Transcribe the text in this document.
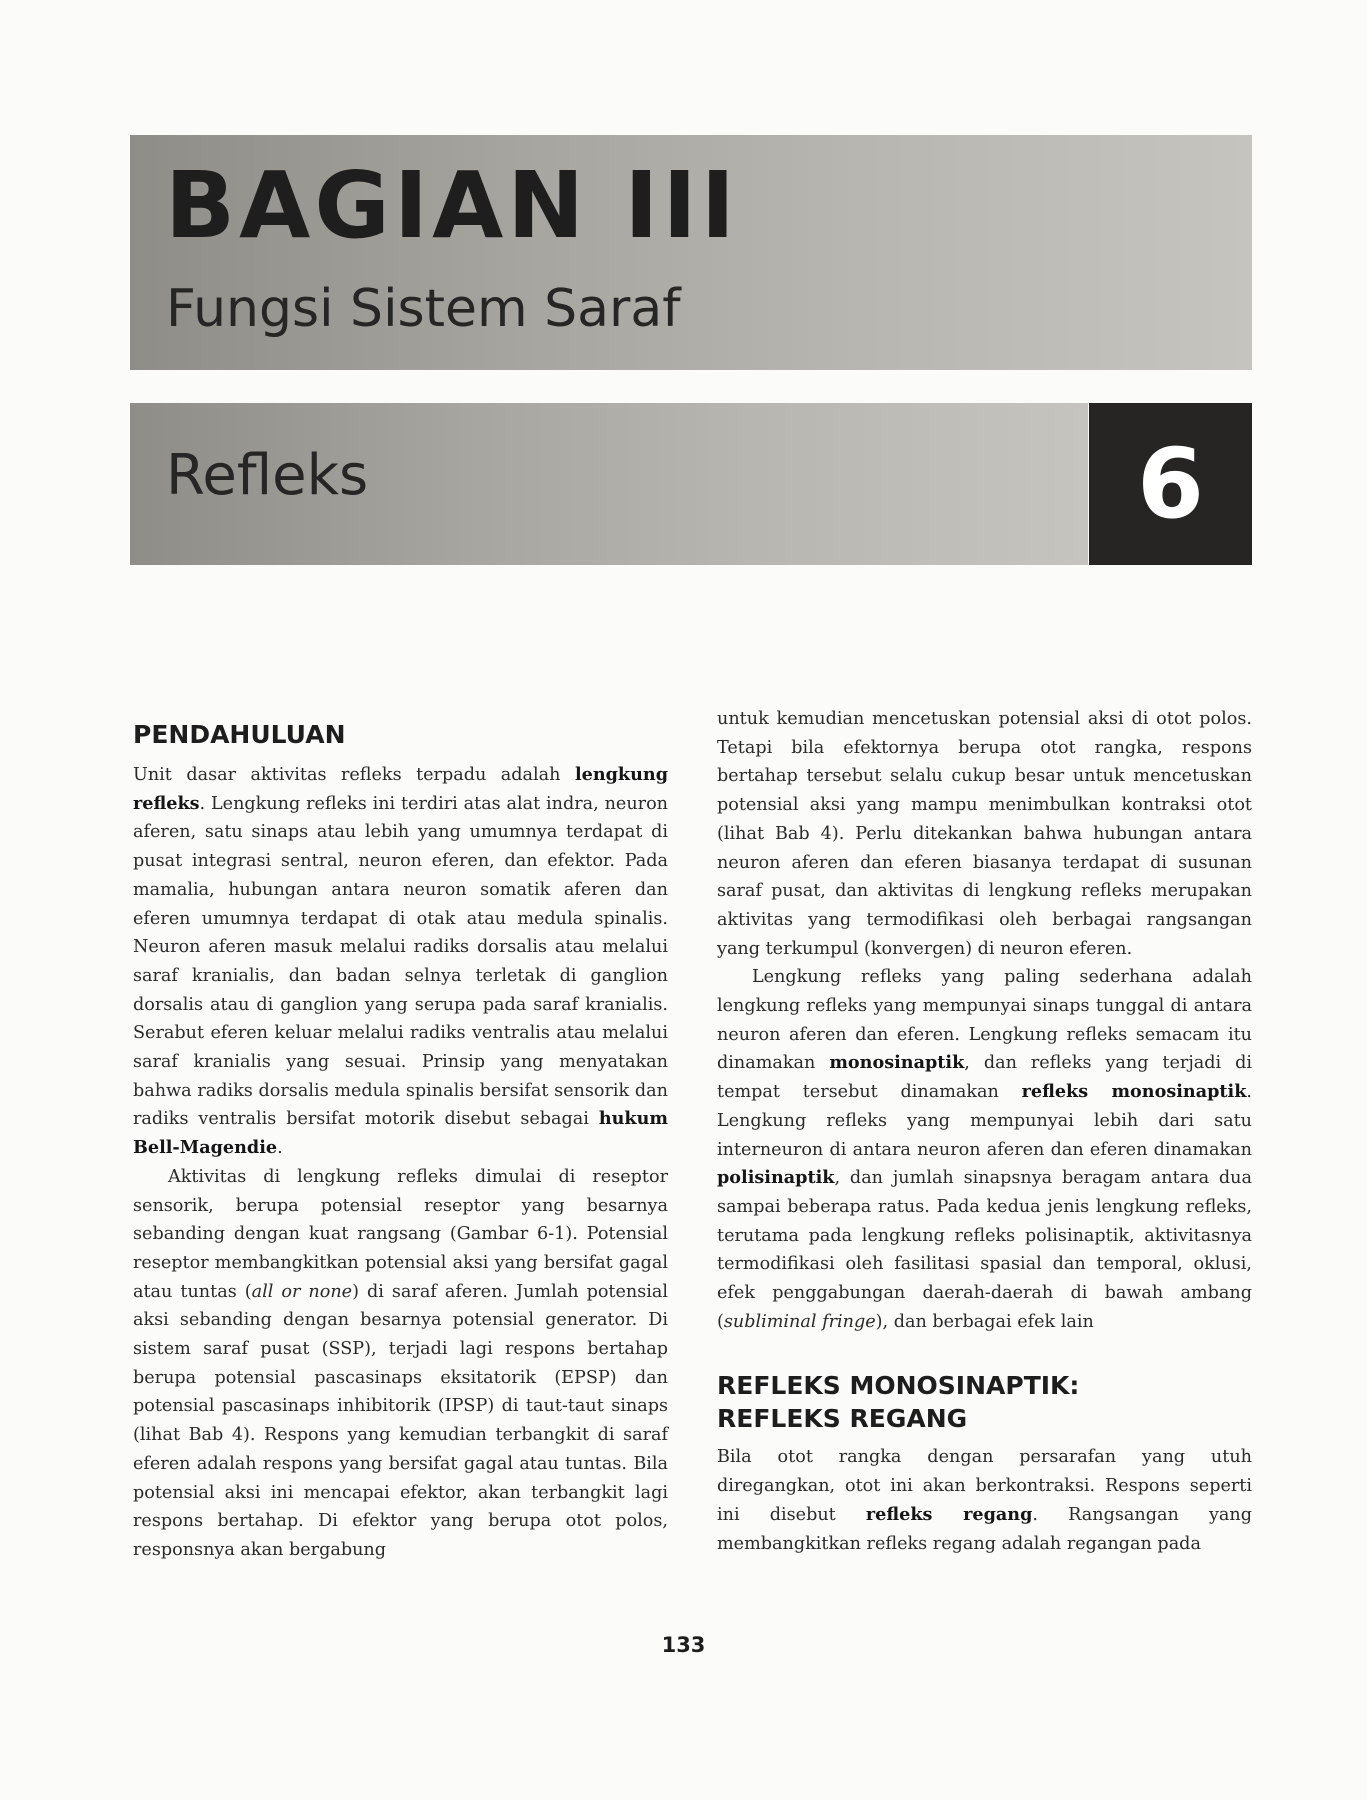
BAGIAN III
Fungsi Sistem Saraf
Refleks	6
PENDAHULUAN

Unit dasar aktivitas refleks terpadu adalah lengkung refleks. Lengkung refleks ini terdiri atas alat indra, neuron aferen, satu sinaps atau lebih yang umumnya terdapat di pusat integrasi sentral, neuron eferen, dan efektor. Pada mamalia, hubungan antara neuron somatik aferen dan eferen umumnya terdapat di otak atau medula spinalis. Neuron aferen masuk melalui radiks dorsalis atau melalui saraf kranialis, dan badan selnya terletak di ganglion dorsalis atau di ganglion yang serupa pada saraf kranialis. Serabut eferen keluar melalui radiks ventralis atau melalui saraf kranialis yang sesuai. Prinsip yang menyatakan bahwa radiks dorsalis medula spinalis bersifat sensorik dan radiks ventralis bersifat motorik disebut sebagai hukum Bell-Magendie.

Aktivitas di lengkung refleks dimulai di reseptor sensorik, berupa potensial reseptor yang besarnya sebanding dengan kuat rangsang (Gambar 6-1). Potensial reseptor membangkitkan potensial aksi yang bersifat gagal atau tuntas (all or none) di saraf aferen. Jumlah potensial aksi sebanding dengan besarnya potensial generator. Di sistem saraf pusat (SSP), terjadi lagi respons bertahap berupa potensial pascasinaps eksitatorik (EPSP) dan potensial pascasinaps inhibitorik (IPSP) di taut-taut sinaps (lihat Bab 4). Respons yang kemudian terbangkit di saraf eferen adalah respons yang bersifat gagal atau tuntas. Bila potensial aksi ini mencapai efektor, akan terbangkit lagi respons bertahap. Di efektor yang berupa otot polos, responsnya akan bergabung

untuk kemudian mencetuskan potensial aksi di otot polos. Tetapi bila efektornya berupa otot rangka, respons bertahap tersebut selalu cukup besar untuk mencetuskan potensial aksi yang mampu menimbulkan kontraksi otot (lihat Bab 4). Perlu ditekankan bahwa hubungan antara neuron aferen dan eferen biasanya terdapat di susunan saraf pusat, dan aktivitas di lengkung refleks merupakan aktivitas yang termodifikasi oleh berbagai rangsangan yang terkumpul (konvergen) di neuron eferen.

Lengkung refleks yang paling sederhana adalah lengkung refleks yang mempunyai sinaps tunggal di antara neuron aferen dan eferen. Lengkung refleks semacam itu dinamakan monosinaptik, dan refleks yang terjadi di tempat tersebut dinamakan refleks monosinaptik. Lengkung refleks yang mempunyai lebih dari satu interneuron di antara neuron aferen dan eferen dinamakan polisinaptik, dan jumlah sinapsnya beragam antara dua sampai beberapa ratus. Pada kedua jenis lengkung refleks, terutama pada lengkung refleks polisinaptik, aktivitasnya termodifikasi oleh fasilitasi spasial dan temporal, oklusi, efek penggabungan daerah-daerah di bawah ambang (subliminal fringe), dan berbagai efek lain

REFLEKS MONOSINAPTIK:
REFLEKS REGANG

Bila otot rangka dengan persarafan yang utuh diregangkan, otot ini akan berkontraksi. Respons seperti ini disebut refleks regang. Rangsangan yang membangkitkan refleks regang adalah regangan pada

133
